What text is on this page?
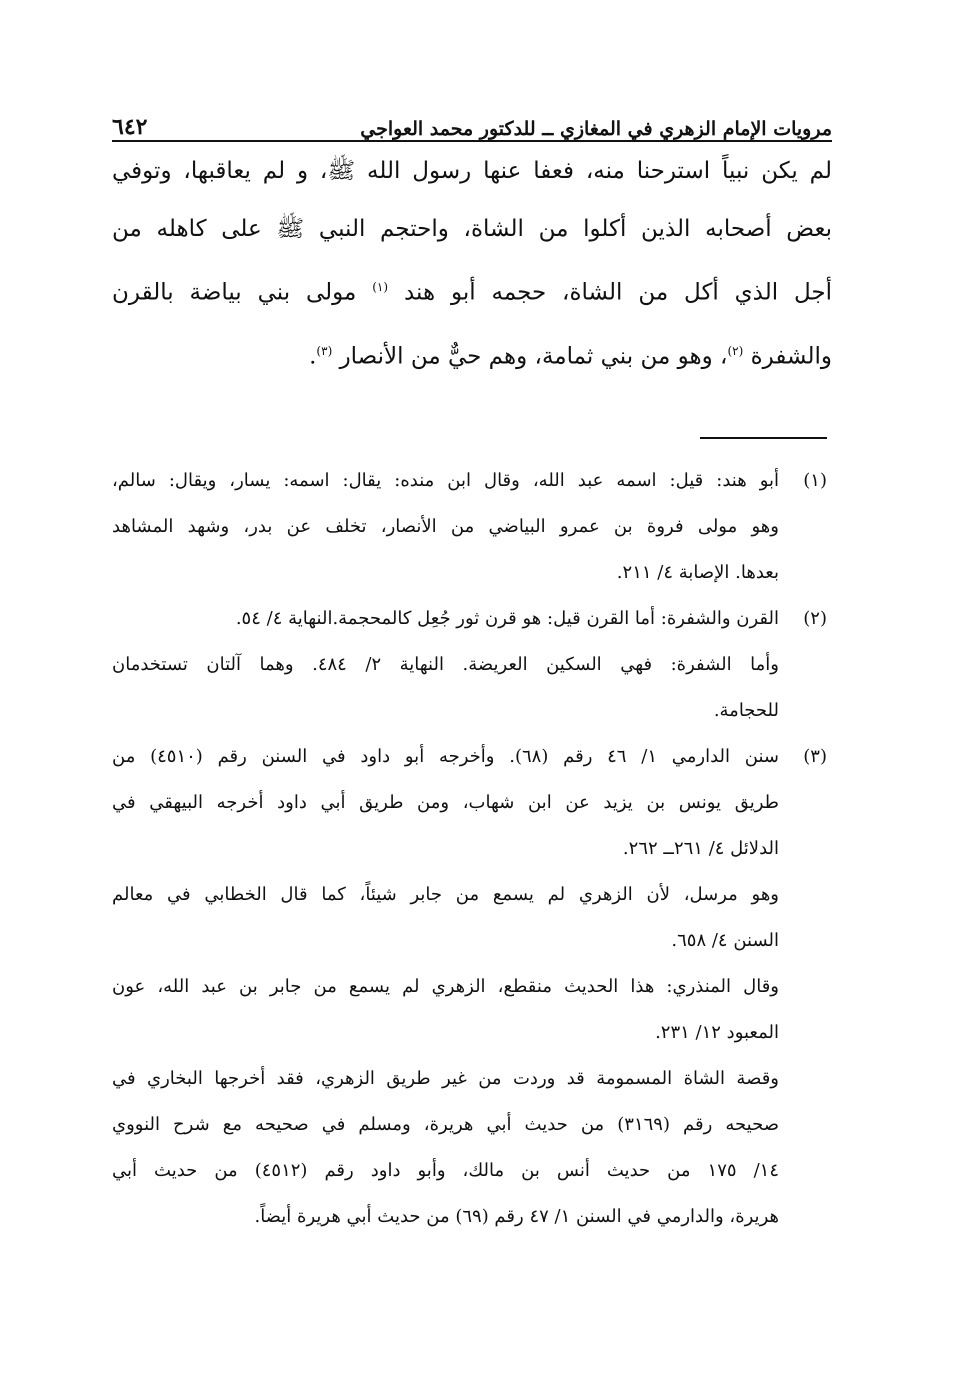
مرويات الإمام الزهري في المغازي ــ للدكتور محمد العواجي
٦٤٢
لم يكن نبياً استرحنا منه، فعفا عنها رسول الله ﷺ، و لم يعاقبها، وتوفي
بعض أصحابه الذين أكلوا من الشاة، واحتجم النبي ﷺ على كاهله من
أجل الذي أكل من الشاة، حجمه أبو هند $^{(١)}$ مولى بني بياضة بالقرن
والشفرة $^{(٢)}$، وهو من بني ثمامة، وهم حيٌّ من الأنصار $^{(٣)}$.
(١)
أبو هند: قيل: اسمه عبد الله، وقال ابن منده: يقال: اسمه: يسار، ويقال: سالم،
وهو مولى فروة بن عمرو البياضي من الأنصار، تخلف عن بدر، وشهد المشاهد
بعدها. الإصابة ٤/ ٢١١.
(٢)
القرن والشفرة: أما القرن قيل: هو قرن ثور جُعِل كالمحجمة.النهاية ٤/ ٥٤.
وأما الشفرة: فهي السكين العريضة. النهاية ٢/ ٤٨٤. وهما آلتان تستخدمان
للحجامة.
(٣)
سنن الدارمي ١/ ٤٦ رقم (٦٨). وأخرجه أبو داود في السنن رقم (٤٥١٠) من
طريق يونس بن يزيد عن ابن شهاب، ومن طريق أبي داود أخرجه البيهقي في
الدلائل ٤/ ٢٦١ــ ٢٦٢.
وهو مرسل، لأن الزهري لم يسمع من جابر شيئاً، كما قال الخطابي في معالم
السنن ٤/ ٦٥٨.
وقال المنذري: هذا الحديث منقطع، الزهري لم يسمع من جابر بن عبد الله، عون
المعبود ١٢/ ٢٣١.
وقصة الشاة المسمومة قد وردت من غير طريق الزهري، فقد أخرجها البخاري في
صحيحه رقم (٣١٦٩) من حديث أبي هريرة، ومسلم في صحيحه مع شرح النووي
١٤/ ١٧٥ من حديث أنس بن مالك، وأبو داود رقم (٤٥١٢) من حديث أبي
هريرة، والدارمي في السنن ١/ ٤٧ رقم (٦٩) من حديث أبي هريرة أيضاً.
